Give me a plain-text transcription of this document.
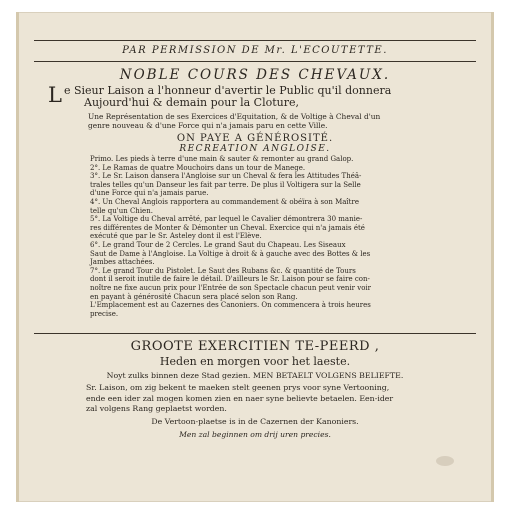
PAR PERMISSION DE Mr. L'ECOUTETTE.
NOBLE COURS DES CHEVAUX.
L e Sieur Laison a l'honneur d'avertir le Public qu'il donnera
Aujourd'hui & demain pour la Cloture,
Une Représentation de ses Exercices d'Equitation, & de Voltige à Cheval d'un
genre nouveau & d'une Force qui n'a jamais paru en cette Ville.
ON PAYE A GÉNÉROSITÉ.
RECREATION ANGLOISE.
Primo. Les pieds à terre d'une main & sauter & remonter au grand Galop.
2°. Le Ramas de quatre Mouchoirs dans un tour de Manege.
3°. Le Sr. Laison dansera l'Angloise sur un Cheval & fera les Attitudes Théâ-
trales telles qu'un Danseur les fait par terre. De plus il Voltigera sur la Selle
d'une Force qui n'a jamais parue.
4°. Un Cheval Anglois rapportera au commandement & obéïra à son Maître
telle qu'un Chien.
5°. La Voltige du Cheval arrêté, par lequel le Cavalier démontrera 30 manie-
res différentes de Monter & Démonter un Cheval. Exercice qui n'a jamais été
exécuté que par le Sr. Asteley dont il est l'Elève.
6°. Le grand Tour de 2 Cercles. Le grand Saut du Chapeau. Les Siseaux
Saut de Dame à l'Angloise. La Voltige à droit & à gauche avec des Bottes & les
Jambes attachées.
7°. Le grand Tour du Pistolet. Le Saut des Rubans &c. & quantité de Tours
dont il seroit inutile de faire le détail. D'ailleurs le Sr. Laison pour se faire con-
noître ne fixe aucun prix pour l'Entrée de son Spectacle chacun peut venir voir
en payant à générosité Chacun sera placé selon son Rang.
L'Emplacement est au Cazernes des Canoniers. On commencera à trois heures
precise.
GROOTE EXERCITIEN TE-PEERD ,
Heden en morgen voor het laeste.
Noyt zulks binnen deze Stad gezien. MEN BETAELT VOLGENS BELIEFTE.
Sr. Laison, om zig bekent te maeken stelt geenen prys voor syne Vertooning,
ende een ider zal mogen komen zien en naer syne believte betaelen. Een-ider
zal volgens Rang geplaetst worden.
De Vertoon-plaetse is in de Cazernen der Kanoniers.
Men zal beginnen om drij uren precies.
